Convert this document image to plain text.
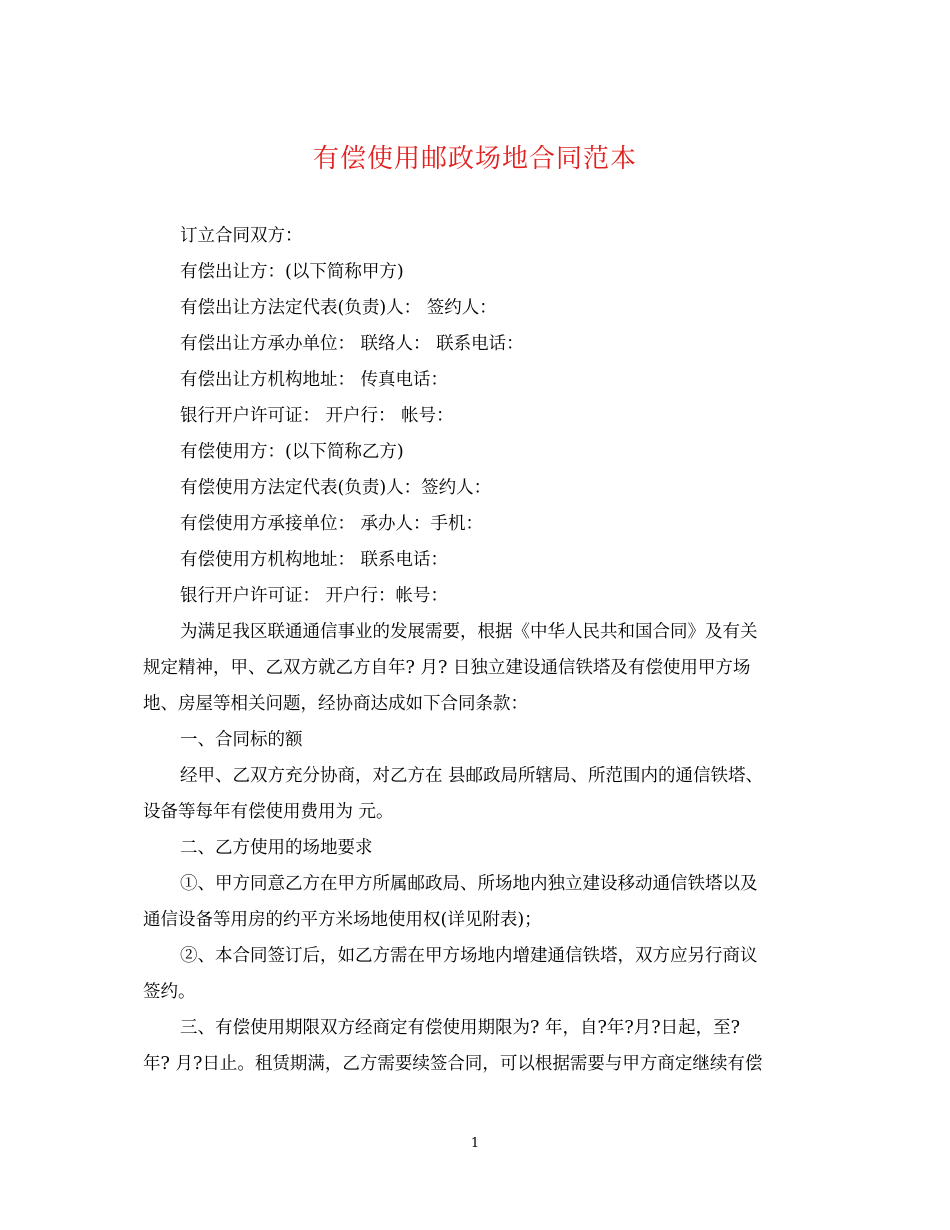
有偿使用邮政场地合同范本
订立合同双方：
有偿出让方：(以下简称甲方)
有偿出让方法定代表(负责)人： 签约人：
有偿出让方承办单位： 联络人： 联系电话：
有偿出让方机构地址： 传真电话：
银行开户许可证： 开户行： 帐号：
有偿使用方：(以下简称乙方)
有偿使用方法定代表(负责)人：签约人：
有偿使用方承接单位： 承办人：手机：
有偿使用方机构地址： 联系电话：
银行开户许可证： 开户行：帐号：
为满足我区联通通信事业的发展需要，根据《中华人民共和国合同》及有关
规定精神，甲、乙双方就乙方自年? 月? 日独立建设通信铁塔及有偿使用甲方场
地、房屋等相关问题，经协商达成如下合同条款：
一、合同标的额
经甲、乙双方充分协商，对乙方在 县邮政局所辖局、所范围内的通信铁塔、
设备等每年有偿使用费用为 元。
二、乙方使用的场地要求
①、甲方同意乙方在甲方所属邮政局、所场地内独立建设移动通信铁塔以及
通信设备等用房的约平方米场地使用权(详见附表)；
②、本合同签订后，如乙方需在甲方场地内增建通信铁塔，双方应另行商议
签约。
三、有偿使用期限双方经商定有偿使用期限为? 年，自?年?月?日起，至?
年? 月?日止。租赁期满，乙方需要续签合同，可以根据需要与甲方商定继续有偿
1
